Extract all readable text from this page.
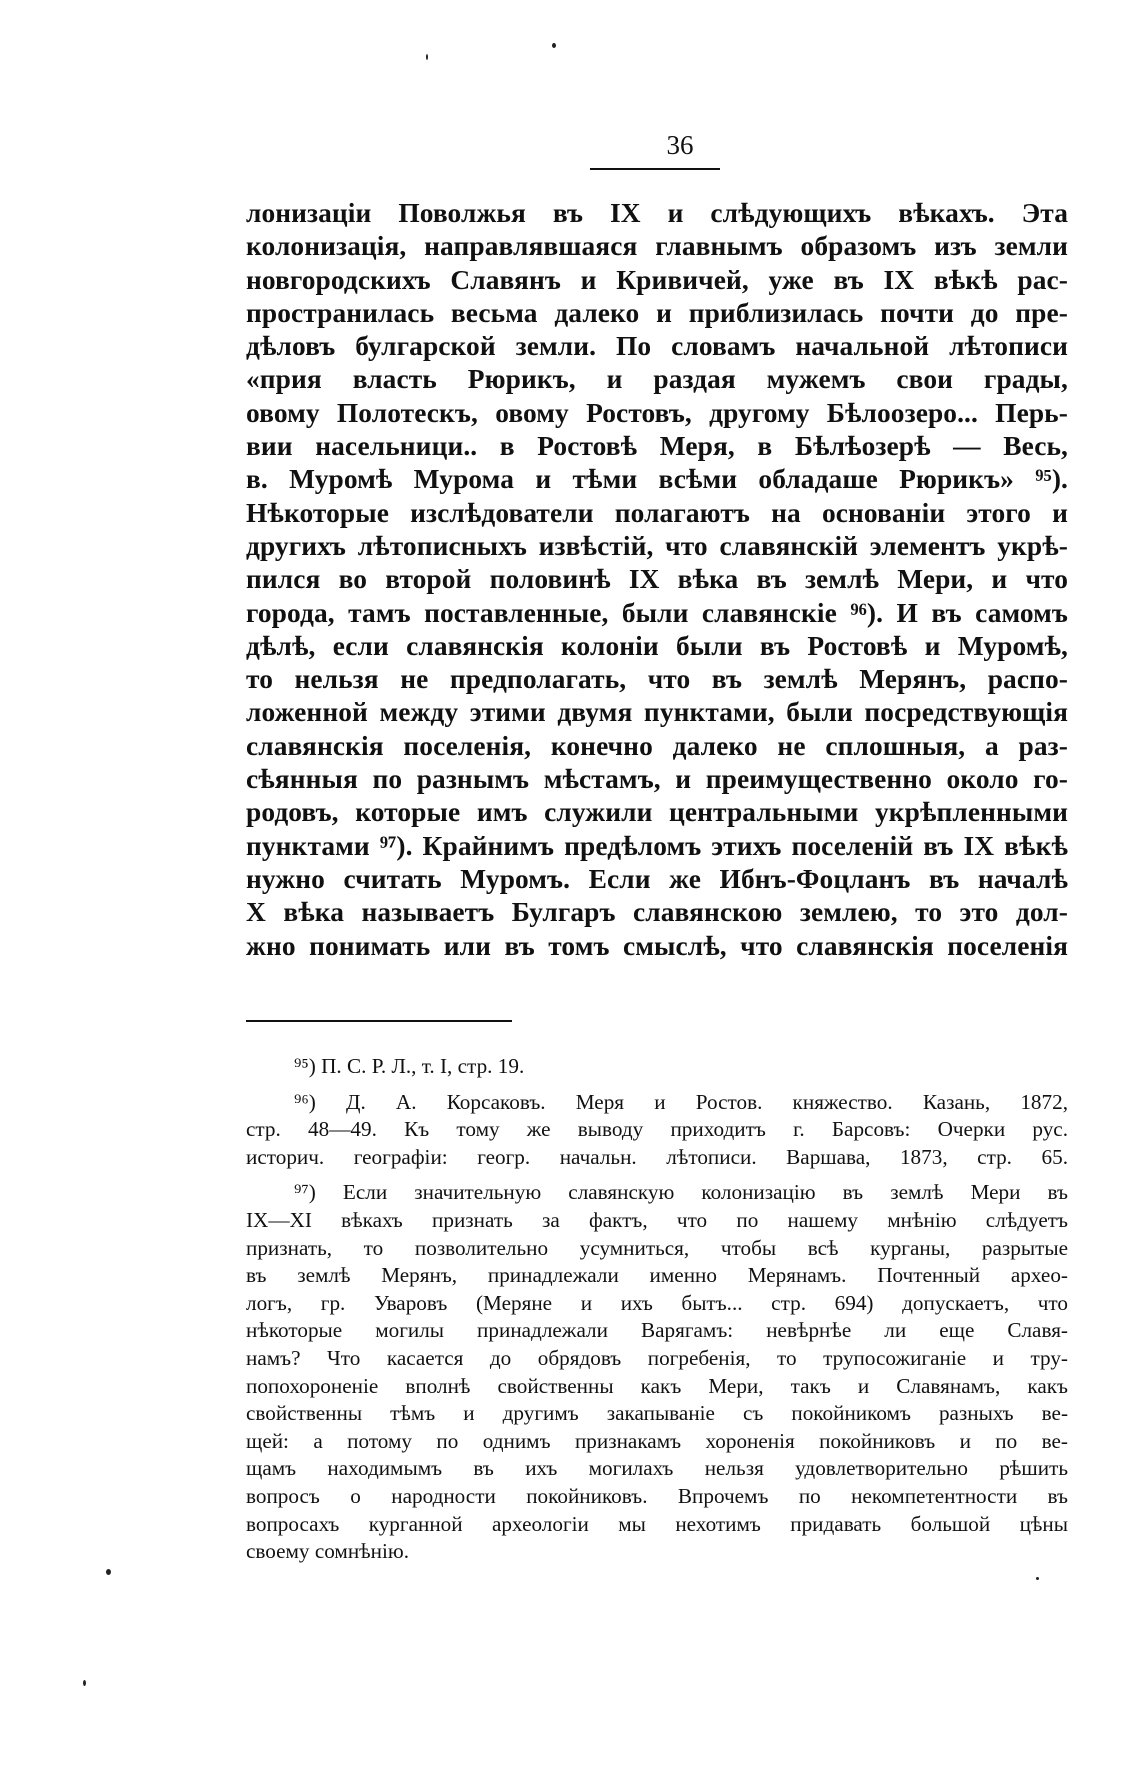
36
лонизаціи Поволжья въ IX и слѣдующихъ вѣкахъ. Эта
колонизація, направлявшаяся главнымъ образомъ изъ земли
новгородскихъ Славянъ и Кривичей, уже въ IX вѣкѣ рас-
пространилась весьма далеко и приблизилась почти до пре-
дѣловъ булгарской земли. По словамъ начальной лѣтописи
«прия власть Рюрикъ, и раздая мужемъ свои грады,
овому Полотескъ, овому Ростовъ, другому Бѣлоозеро... Перь-
вии насельници.. в Ростовѣ Меря, в Бѣлѣозерѣ — Весь,
в. Муромѣ Мурома и тѣми всѣми обладаше Рюрикъ» ⁹⁵).
Нѣкоторые изслѣдователи полагаютъ на основаніи этого и
другихъ лѣтописныхъ извѣстій, что славянскій элементъ укрѣ-
пился во второй половинѣ IX вѣка въ землѣ Мери, и что
города, тамъ поставленные, были славянскіе ⁹⁶). И въ самомъ
дѣлѣ, если славянскія колоніи были въ Ростовѣ и Муромѣ,
то нельзя не предполагать, что въ землѣ Мерянъ, распо-
ложенной между этими двумя пунктами, были посредствующія
славянскія поселенія, конечно далеко не сплошныя, а раз-
сѣянныя по разнымъ мѣстамъ, и преимущественно около го-
родовъ, которые имъ служили центральными укрѣпленными
пунктами ⁹⁷). Крайнимъ предѣломъ этихъ поселеній въ IX вѣкѣ
нужно считать Муромъ. Если же Ибнъ-Фоцланъ въ началѣ
X вѣка называетъ Булгаръ славянскою землею, то это дол-
жно понимать или въ томъ смыслѣ, что славянскія поселенія
⁹⁵) П. С. Р. Л., т. I, стр. 19.
⁹⁶) Д. А. Корсаковъ. Меря и Ростов. княжество. Казань, 1872,
стр. 48—49. Къ тому же выводу приходитъ г. Барсовъ: Очерки рус.
историч. географіи: геогр. начальн. лѣтописи. Варшава, 1873, стр. 65.
⁹⁷) Если значительную славянскую колонизацію въ землѣ Мери въ
IX—XI вѣкахъ признать за фактъ, что по нашему мнѣнію слѣдуетъ
признать, то позволительно усумниться, чтобы всѣ курганы, разрытые
въ землѣ Мерянъ, принадлежали именно Мерянамъ. Почтенный архео-
логъ, гр. Уваровъ (Меряне и ихъ бытъ... стр. 694) допускаетъ, что
нѣкоторые могилы принадлежали Варягамъ: невѣрнѣе ли еще Славя-
намъ? Что касается до обрядовъ погребенія, то трупосожиганіе и тру-
попохороненіе вполнѣ свойственны какъ Мери, такъ и Славянамъ, какъ
свойственны тѣмъ и другимъ закапываніе съ покойникомъ разныхъ ве-
щей: а потому по однимъ признакамъ хороненія покойниковъ и по ве-
щамъ находимымъ въ ихъ могилахъ нельзя удовлетворительно рѣшить
вопросъ о народности покойниковъ. Впрочемъ по некомпетентности въ
вопросахъ курганной археологіи мы нехотимъ придавать большой цѣны
своему сомнѣнію.
